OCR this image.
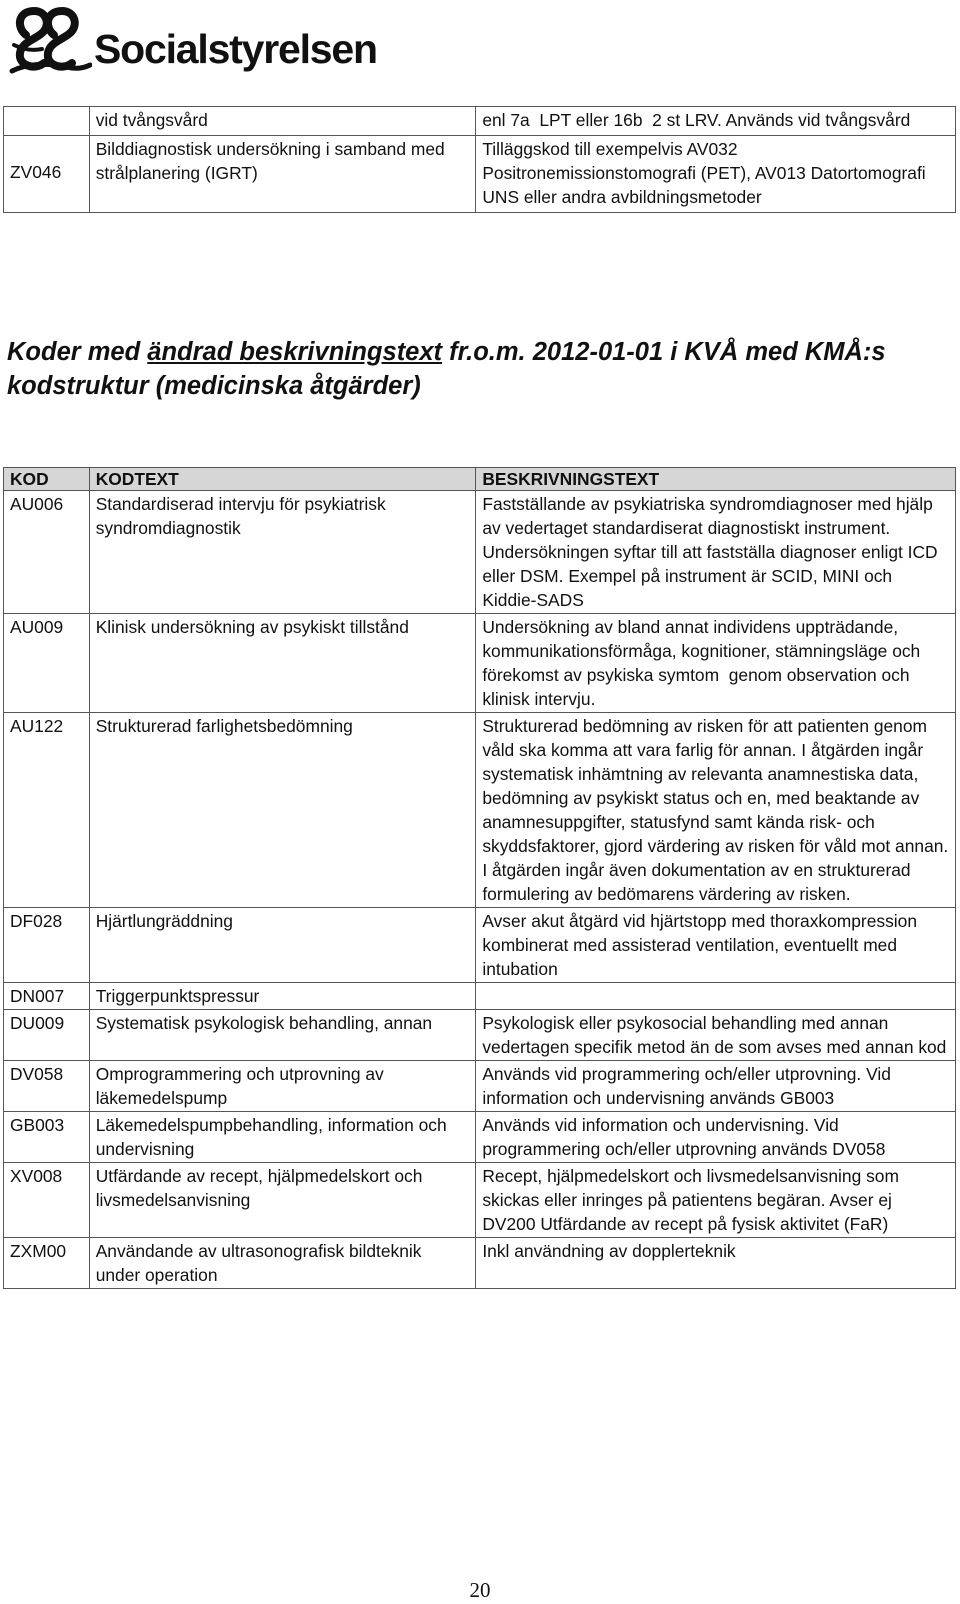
Socialstyrelsen
	vid tvångsvård	enl 7a  LPT eller 16b  2 st LRV. Används vid tvångsvård
ZV046	Bilddiagnostisk undersökning i samband med strålplanering (IGRT)	Tilläggskod till exempelvis AV032 Positronemissionstomografi (PET), AV013 Datortomografi UNS eller andra avbildningsmetoder
Koder med ändrad beskrivningstext fr.o.m. 2012-01-01 i KVÅ med KMÅ:s kodstruktur (medicinska åtgärder)
KOD	KODTEXT	BESKRIVNINGSTEXT
AU006	Standardiserad intervju för psykiatrisk syndromdiagnostik	Fastställande av psykiatriska syndromdiagnoser med hjälp av vedertaget standardiserat diagnostiskt instrument. Undersökningen syftar till att fastställa diagnoser enligt ICD eller DSM. Exempel på instrument är SCID, MINI och Kiddie-SADS
AU009	Klinisk undersökning av psykiskt tillstånd	Undersökning av bland annat individens uppträdande, kommunikationsförmåga, kognitioner, stämningsläge och förekomst av psykiska symtom  genom observation och klinisk intervju.
AU122	Strukturerad farlighetsbedömning	Strukturerad bedömning av risken för att patienten genom våld ska komma att vara farlig för annan. I åtgärden ingår systematisk inhämtning av relevanta anamnestiska data, bedömning av psykiskt status och en, med beaktande av anamnesuppgifter, statusfynd samt kända risk- och skyddsfaktorer, gjord värdering av risken för våld mot annan. I åtgärden ingår även dokumentation av en strukturerad formulering av bedömarens värdering av risken.
DF028	Hjärtlungräddning	Avser akut åtgärd vid hjärtstopp med thoraxkompression kombinerat med assisterad ventilation, eventuellt med intubation
DN007	Triggerpunktspressur	
DU009	Systematisk psykologisk behandling, annan	Psykologisk eller psykosocial behandling med annan vedertagen specifik metod än de som avses med annan kod
DV058	Omprogrammering och utprovning av läkemedelspump	Används vid programmering och/eller utprovning. Vid information och undervisning används GB003
GB003	Läkemedelspumpbehandling, information och undervisning	Används vid information och undervisning. Vid programmering och/eller utprovning används DV058
XV008	Utfärdande av recept, hjälpmedelskort och livsmedelsanvisning	Recept, hjälpmedelskort och livsmedelsanvisning som skickas eller inringes på patientens begäran. Avser ej DV200 Utfärdande av recept på fysisk aktivitet (FaR)
ZXM00	Användande av ultrasonografisk bildteknik under operation	Inkl användning av dopplerteknik
20
